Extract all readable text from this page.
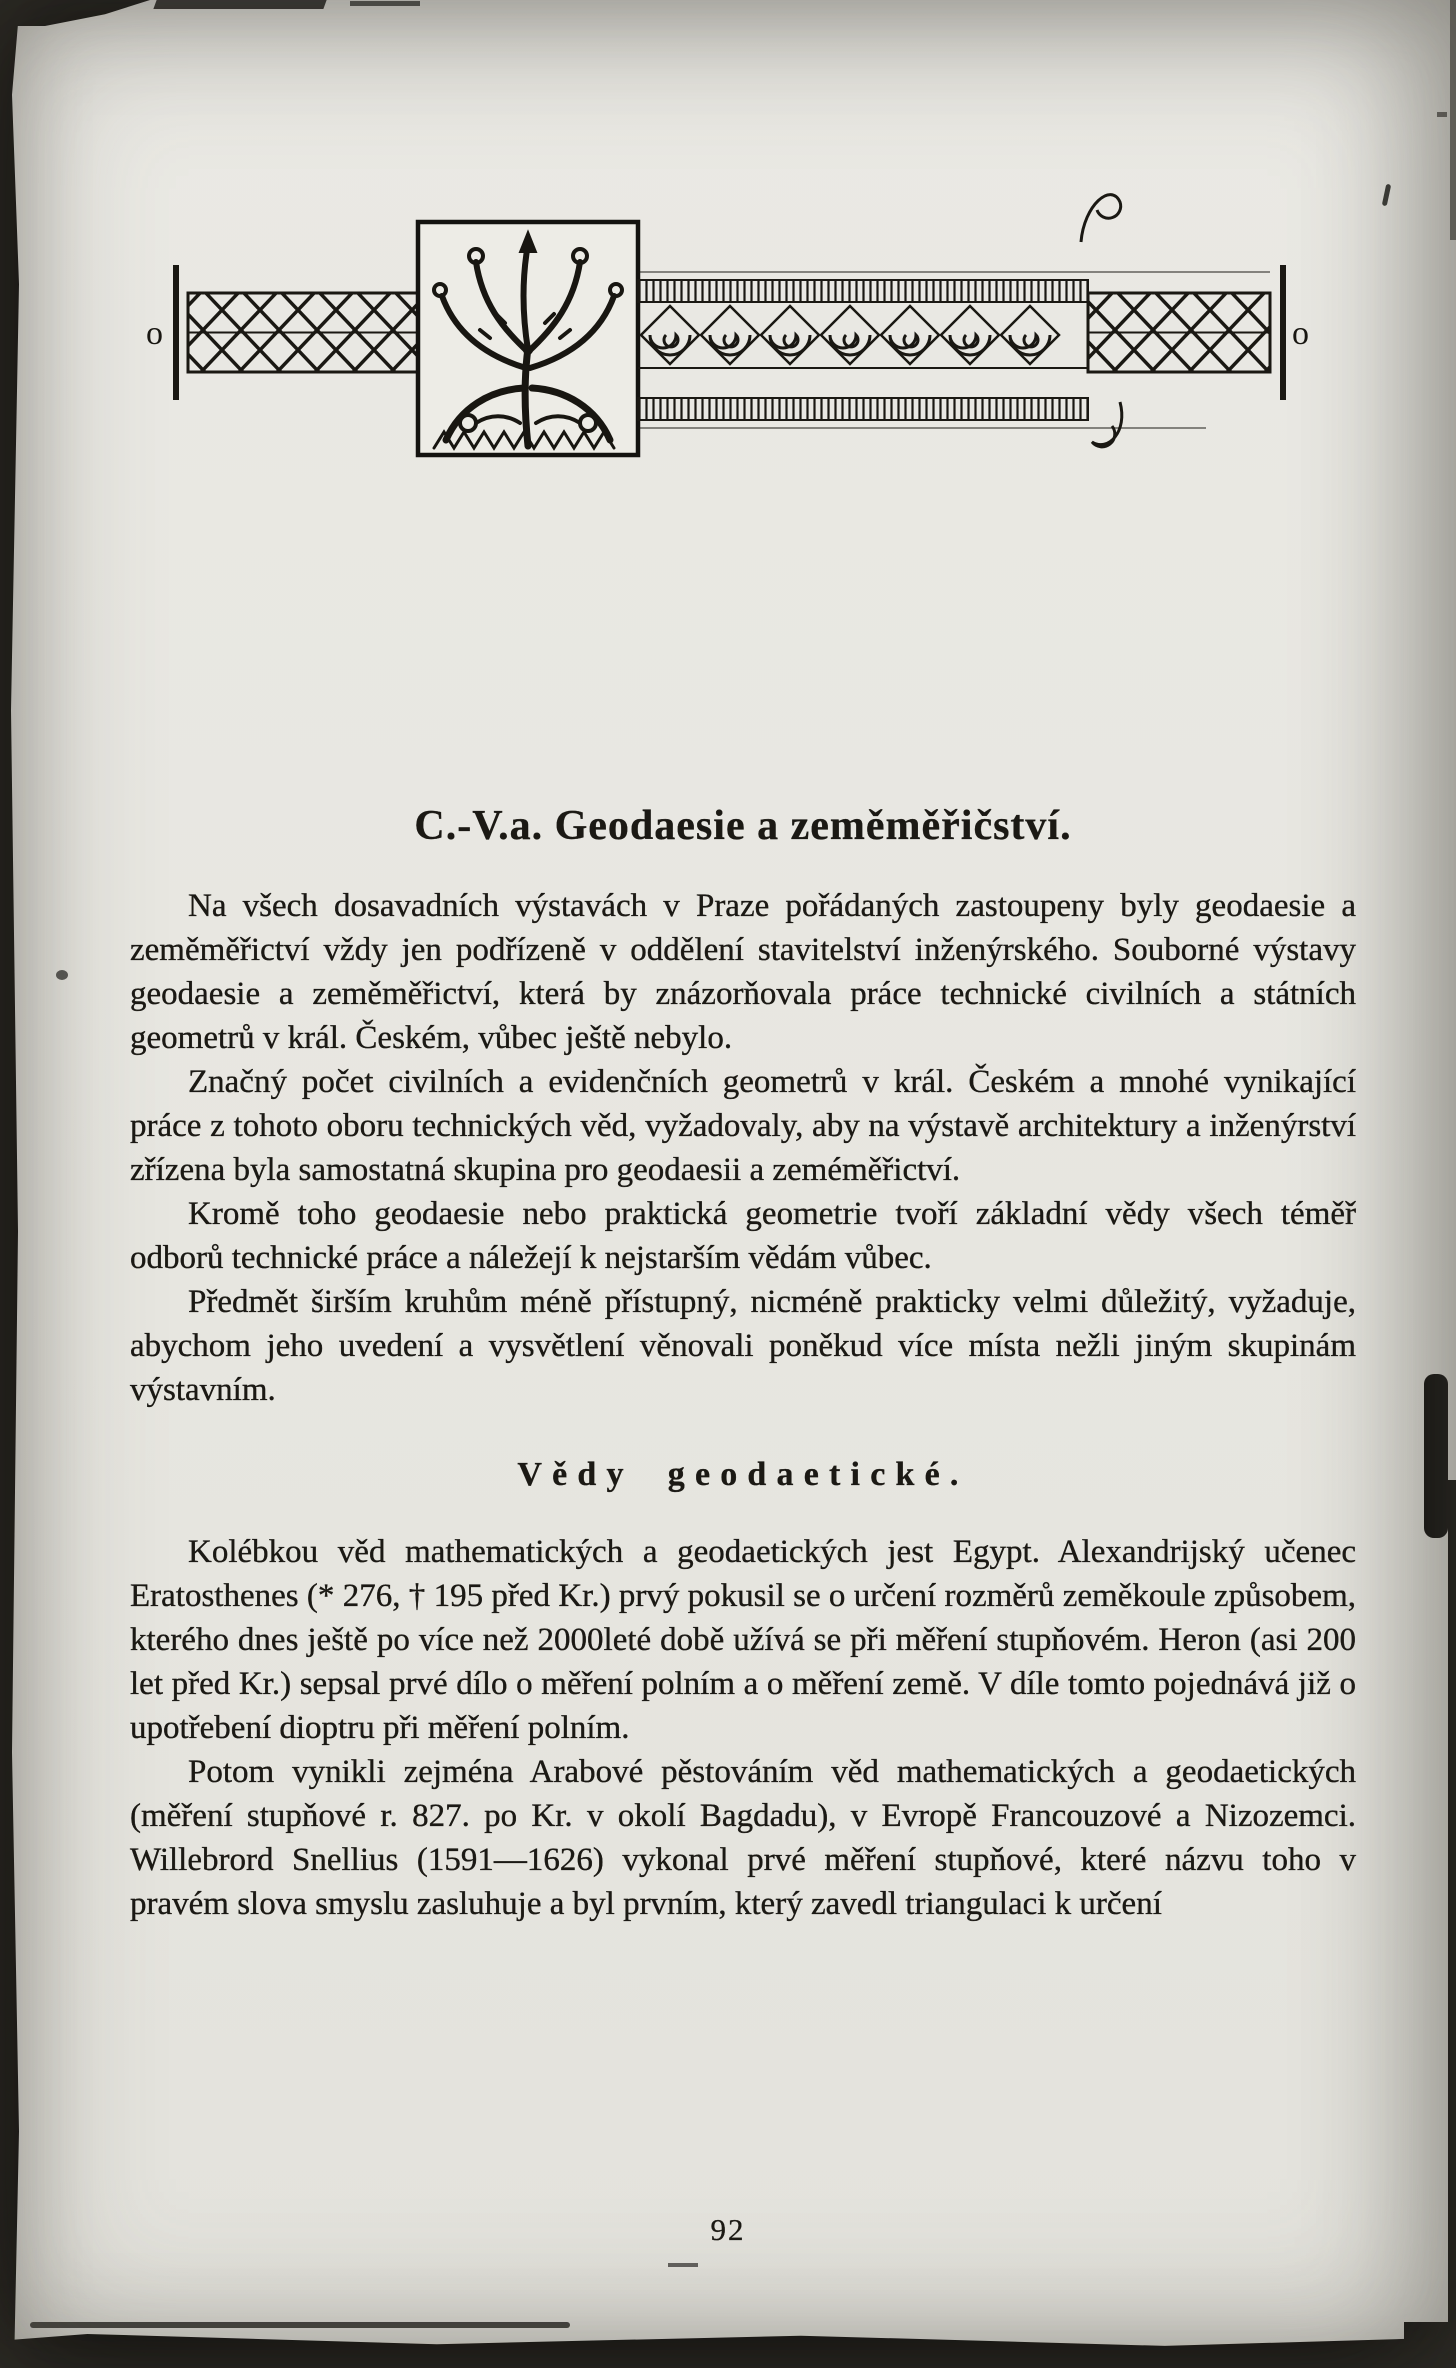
o	o
C.-V.a. Geodaesie a zeměměřičství.

Na všech dosavadních výstavách v Praze pořádaných zastoupeny byly geodaesie a zeměměřictví vždy jen podřízeně v oddělení stavitelství inženýrského. Souborné výstavy geodaesie a zeměměřictví, která by znázorňovala práce technické civilních a státních geometrů v král. Českém, vůbec ještě nebylo.

Značný počet civilních a evidenčních geometrů v král. Českém a mnohé vynikající práce z tohoto oboru technických věd, vyžadovaly, aby na výstavě architektury a inženýrství zřízena byla samostatná skupina pro geodaesii a zeméměřictví.

Kromě toho geodaesie nebo praktická geometrie tvoří základní vědy všech téměř odborů technické práce a náležejí k nejstarším vědám vůbec.

Předmět širším kruhům méně přístupný, nicméně prakticky velmi důležitý, vyžaduje, abychom jeho uvedení a vysvětlení věnovali poněkud více místa nežli jiným skupinám výstavním.

Vědy geodaetické.

Kolébkou věd mathematických a geodaetických jest Egypt. Alexandrijský učenec Eratosthenes (* 276, † 195 před Kr.) prvý pokusil se o určení rozměrů zeměkoule způsobem, kterého dnes ještě po více než 2000leté době užívá se při měření stupňovém. Heron (asi 200 let před Kr.) sepsal prvé dílo o měření polním a o měření země. V díle tomto pojednává již o upotřebení dioptru při měření polním.

Potom vynikli zejména Arabové pěstováním věd mathematických a geodaetických (měření stupňové r. 827. po Kr. v okolí Bagdadu), v Evropě Francouzové a Nizozemci. Willebrord Snellius (1591—1626) vykonal prvé měření stupňové, které názvu toho v pravém slova smyslu zasluhuje a byl prvním, který zavedl triangulaci k určení

92
